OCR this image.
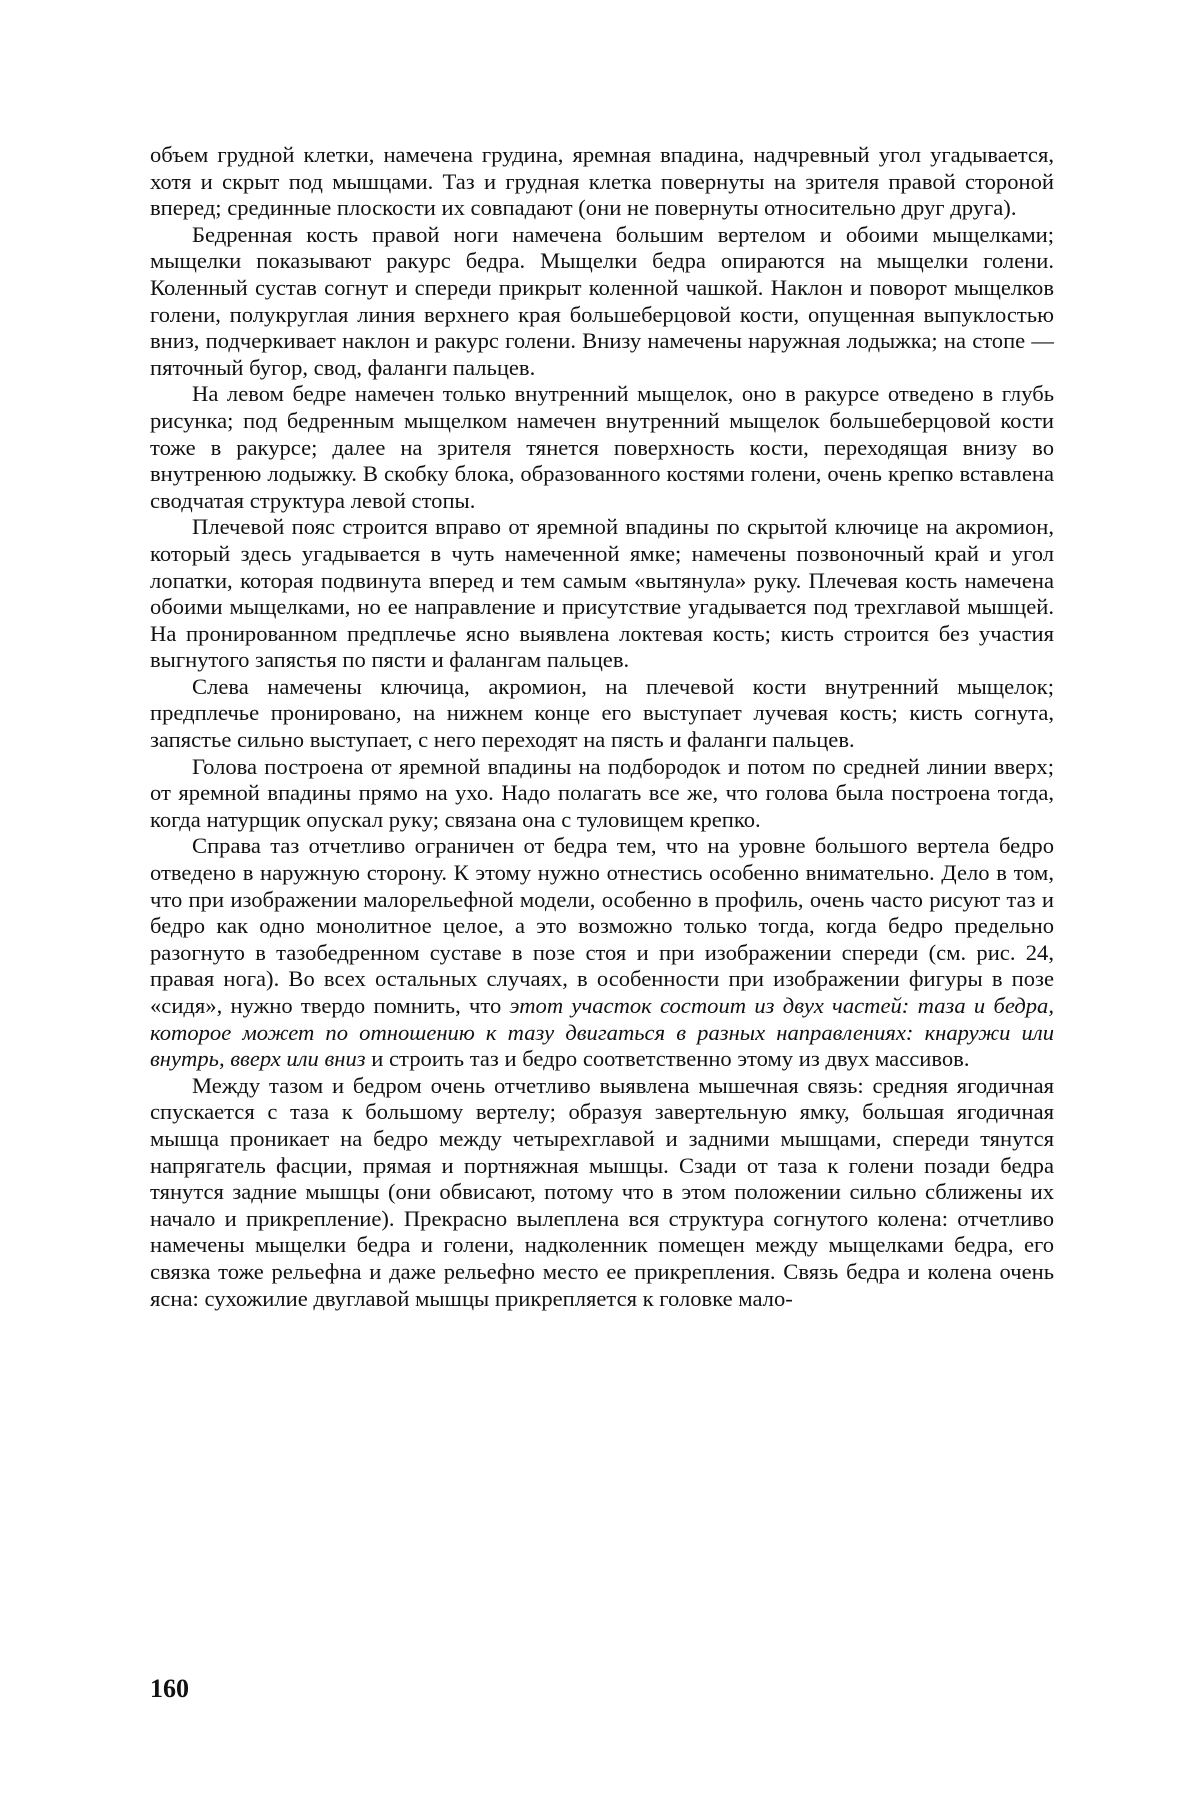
объем грудной клетки, намечена грудина, яремная впадина, надчревный угол угадывается, хотя и скрыт под мышцами. Таз и грудная клетка повернуты на зрителя правой стороной вперед; срединные плоскости их совпадают (они не повернуты относительно друг друга).

Бедренная кость правой ноги намечена большим вертелом и обоими мыщелками; мыщелки показывают ракурс бедра. Мыщелки бедра опираются на мыщелки голени. Коленный сустав согнут и спереди прикрыт коленной чашкой. Наклон и поворот мыщелков голени, полукруглая линия верхнего края большеберцовой кости, опущенная выпуклостью вниз, подчеркивает наклон и ракурс голени. Внизу намечены наружная лодыжка; на стопе — пяточный бугор, свод, фаланги пальцев.

На левом бедре намечен только внутренний мыщелок, оно в ракурсе отведено в глубь рисунка; под бедренным мыщелком намечен внутренний мыщелок большеберцовой кости тоже в ракурсе; далее на зрителя тянется поверхность кости, переходящая внизу во внутренюю лодыжку. В скобку блока, образованного костями голени, очень крепко вставлена сводчатая структура левой стопы.

Плечевой пояс строится вправо от яремной впадины по скрытой ключице на акромион, который здесь угадывается в чуть намеченной ямке; намечены позвоночный край и угол лопатки, которая подвинута вперед и тем самым «вытянула» руку. Плечевая кость намечена обоими мыщелками, но ее направление и присутствие угадывается под трехглавой мышцей. На пронированном предплечье ясно выявлена локтевая кость; кисть строится без участия выгнутого запястья по пясти и фалангам пальцев.

Слева намечены ключица, акромион, на плечевой кости внутренний мыщелок; предплечье пронировано, на нижнем конце его выступает лучевая кость; кисть согнута, запястье сильно выступает, с него переходят на пясть и фаланги пальцев.

Голова построена от яремной впадины на подбородок и потом по средней линии вверх; от яремной впадины прямо на ухо. Надо полагать все же, что голова была построена тогда, когда натурщик опускал руку; связана она с туловищем крепко.

Справа таз отчетливо ограничен от бедра тем, что на уровне большого вертела бедро отведено в наружную сторону. К этому нужно отнестись особенно внимательно. Дело в том, что при изображении малорельефной модели, особенно в профиль, очень часто рисуют таз и бедро как одно монолитное целое, а это возможно только тогда, когда бедро предельно разогнуто в тазобедренном суставе в позе стоя и при изображении спереди (см. рис. 24, правая нога). Во всех остальных случаях, в особенности при изображении фигуры в позе «сидя», нужно твердо помнить, что этот участок состоит из двух частей: таза и бедра, которое может по отношению к тазу двигаться в разных направлениях: кнаружи или внутрь, вверх или вниз и строить таз и бедро соответственно этому из двух массивов.

Между тазом и бедром очень отчетливо выявлена мышечная связь: средняя ягодичная спускается с таза к большому вертелу; образуя завертельную ямку, большая ягодичная мышца проникает на бедро между четырехглавой и задними мышцами, спереди тянутся напрягатель фасции, прямая и портняжная мышцы. Сзади от таза к голени позади бедра тянутся задние мышцы (они обвисают, потому что в этом положении сильно сближены их начало и прикрепление). Прекрасно вылеплена вся структура согнутого колена: отчетливо намечены мыщелки бедра и голени, надколенник помещен между мыщелками бедра, его связка тоже рельефна и даже рельефно место ее прикрепления. Связь бедра и колена очень ясна: сухожилие двуглавой мышцы прикрепляется к головке мало-

160
